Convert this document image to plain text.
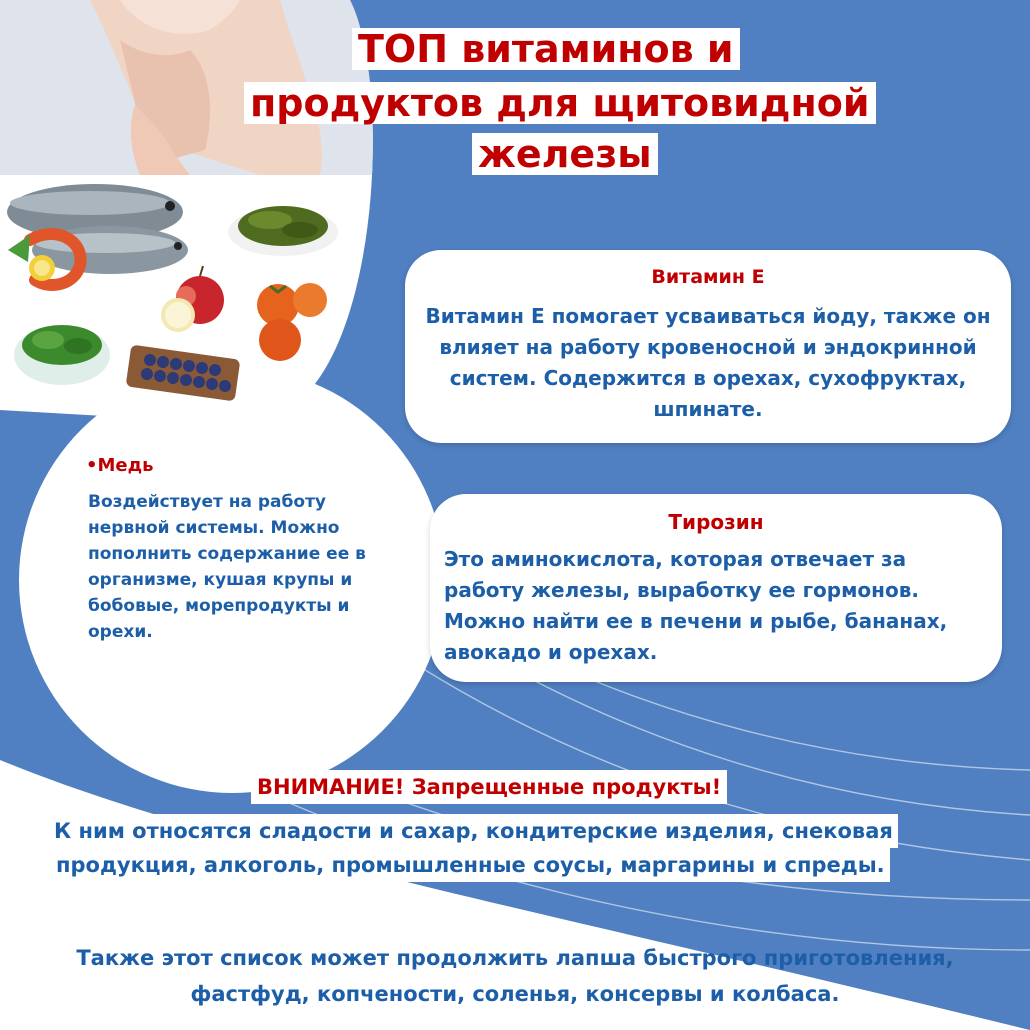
ТОП витаминов и
продуктов для щитовидной
железы
Витамин Е
Витамин Е помогает усваиваться йоду, также он влияет на работу кровеносной и эндокринной систем. Содержится в орехах, сухофруктах, шпинате.
•Медь
Воздействует на работу нервной системы. Можно пополнить содержание ее в организме, кушая крупы и бобовые, морепродукты и орехи.
Тирозин
Это аминокислота, которая отвечает за работу железы, выработку ее гормонов. Можно найти ее в печени и рыбе, бананах, авокадо и орехах.
ВНИМАНИЕ! Запрещенные продукты!
К ним относятся сладости и сахар, кондитерские изделия, снековая
продукция, алкоголь, промышленные соусы, маргарины и спреды.
Также этот список может продолжить лапша быстрого приготовления,
фастфуд, копчености, соленья, консервы и колбаса.
